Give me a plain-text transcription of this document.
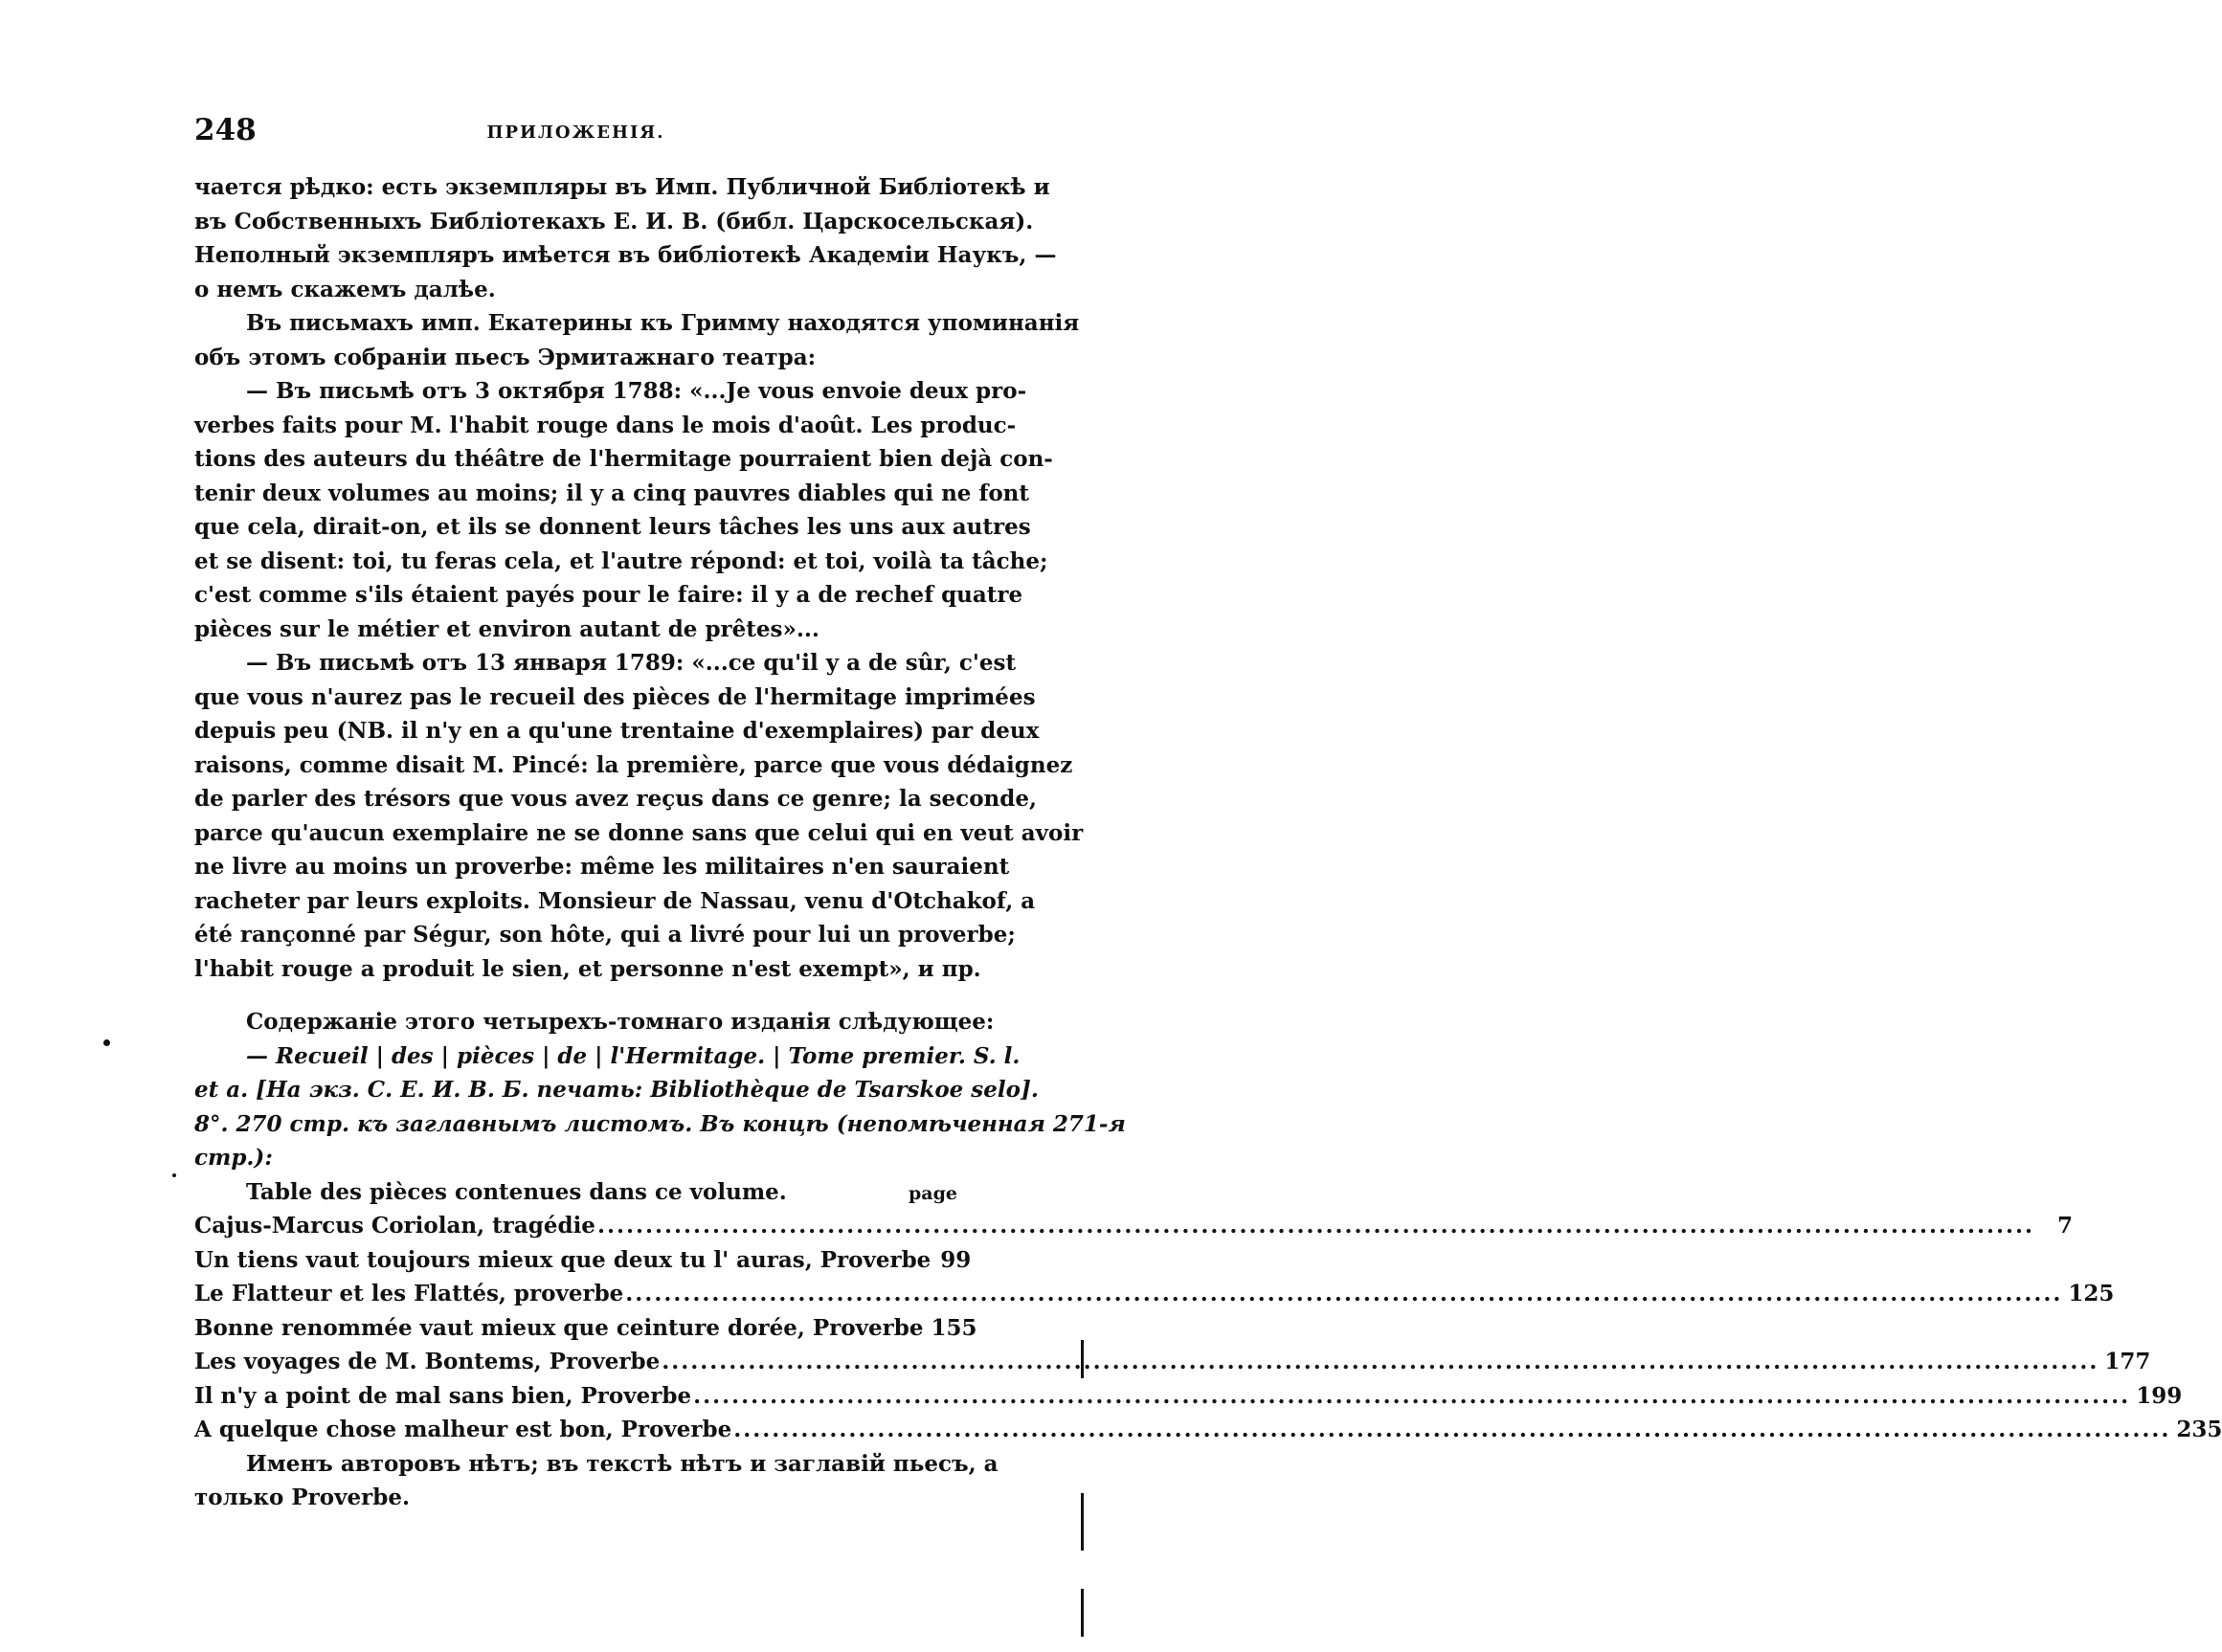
248	ПРИЛОЖЕНІЯ.
чается рѣдко: есть экземпляры въ Имп. Публичной Библіотекѣ и
въ Собственныхъ Библіотекахъ Е. И. В. (библ. Царскосельская).
Неполный экземпляръ имѣется въ библіотекѣ Академіи Наукъ, —
о немъ скажемъ далѣе.
Въ письмахъ имп. Екатерины къ Гримму находятся упоминанія
объ этомъ собраніи пьесъ Эрмитажнаго театра:
— Въ письмѣ отъ 3 октября 1788: «...Je vous envoie deux pro-
verbes faits pour M. l'habit rouge dans le mois d'août. Les produc-
tions des auteurs du théâtre de l'hermitage pourraient bien dejà con-
tenir deux volumes au moins; il y a cinq pauvres diables qui ne font
que cela, dirait-on, et ils se donnent leurs tâches les uns aux autres
et se disent: toi, tu feras cela, et l'autre répond: et toi, voilà ta tâche;
c'est comme s'ils étaient payés pour le faire: il y a de rechef quatre
pièces sur le métier et environ autant de prêtes»...
— Въ письмѣ отъ 13 января 1789: «...ce qu'il y a de sûr, c'est
que vous n'aurez pas le recueil des pièces de l'hermitage imprimées
depuis peu (NB. il n'y en a qu'une trentaine d'exemplaires) par deux
raisons, comme disait M. Pincé: la première, parce que vous dédaignez
de parler des trésors que vous avez reçus dans ce genre; la seconde,
parce qu'aucun exemplaire ne se donne sans que celui qui en veut avoir
ne livre au moins un proverbe: même les militaires n'en sauraient
racheter par leurs exploits. Monsieur de Nassau, venu d'Otchakof, a
été rançonné par Ségur, son hôte, qui a livré pour lui un proverbe;
l'habit rouge a produit le sien, et personne n'est exempt», и пр.
Содержаніе этого четырехъ-томнаго изданія слѣдующее:
— Recueil | des | pièces | de | l'Hermitage. | Tome premier. S. l.
et a. [На экз. С. Е. И. В. Б. печать: Bibliothèque de Tsarskoe selo].
8°. 270 стр. къ заглавнымъ листомъ. Въ концѣ (непомѣченная 271-я
стр.):
Table des pièces contenues dans ce volume.	page
Cajus-Marcus Coriolan, tragédie .....	7
Un tiens vaut toujours mieux que deux tu l' auras, Proverbe 99
Le Flatteur et les Flattés, proverbe .....	125
Bonne renommée vaut mieux que ceinture dorée, Proverbe 155
Les voyages de M. Bontems, Proverbe .....	177
Il n'y a point de mal sans bien, Proverbe .....	199
A quelque chose malheur est bon, Proverbe .....	235
Именъ авторовъ нѣтъ; въ текстѣ нѣтъ и заглавій пьесъ, а
только Proverbe.
